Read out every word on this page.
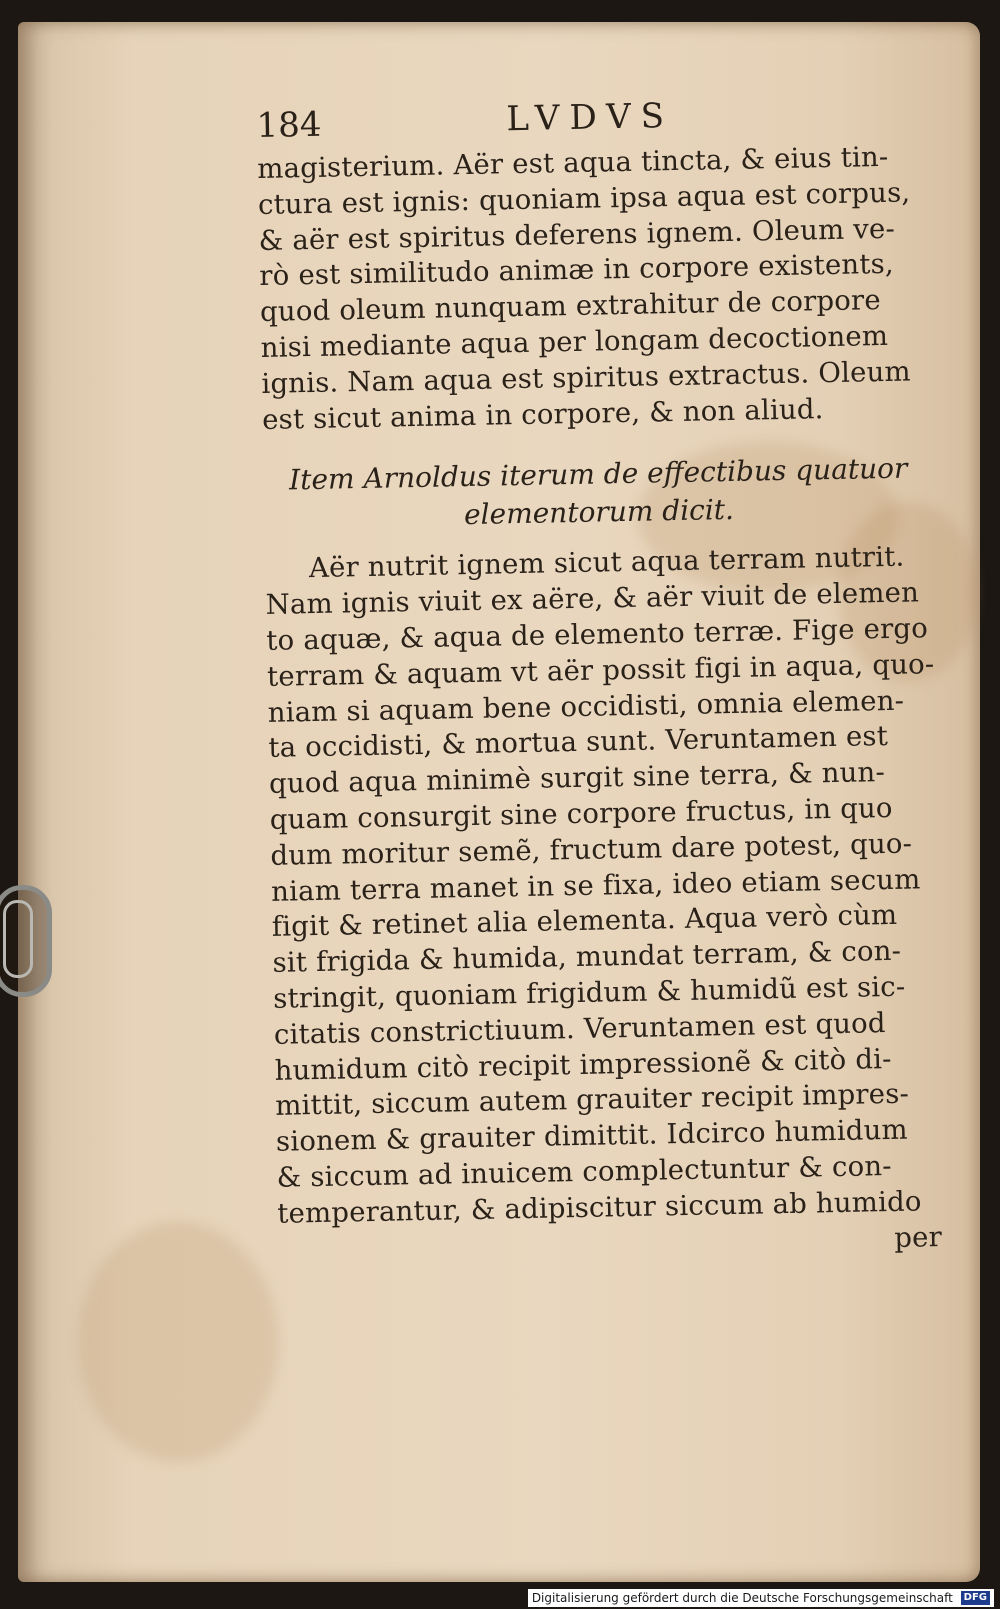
184	LVDVS
magisterium. Aër est aqua tincta, & eius tin-
ctura est ignis: quoniam ipsa aqua est corpus,
& aër est spiritus deferens ignem. Oleum ve-
rò est similitudo animæ in corpore existents,
quod oleum nunquam extrahitur de corpore
nisi mediante aqua per longam decoctionem
ignis. Nam aqua est spiritus extractus. Oleum
est sicut anima in corpore, & non aliud.
Item Arnoldus iterum de effectibus quatuor
elementorum dicit.
Aër nutrit ignem sicut aqua terram nutrit.
Nam ignis viuit ex aëre, & aër viuit de elemen
to aquæ, & aqua de elemento terræ. Fige ergo
terram & aquam vt aër possit figi in aqua, quo-
niam si aquam bene occidisti, omnia elemen-
ta occidisti, & mortua sunt. Veruntamen est
quod aqua minimè surgit sine terra, & nun-
quam consurgit sine corpore fructus, in quo
dum moritur semẽ, fructum dare potest, quo-
niam terra manet in se fixa, ideo etiam secum
figit & retinet alia elementa. Aqua verò cùm
sit frigida & humida, mundat terram, & con-
stringit, quoniam frigidum & humidũ est sic-
citatis constrictiuum. Veruntamen est quod
humidum citò recipit impressionẽ & citò di-
mittit, siccum autem grauiter recipit impres-
sionem & grauiter dimittit. Idcirco humidum
& siccum ad inuicem complectuntur & con-
temperantur, & adipiscitur siccum ab humido
per
Digitalisierung gefördert durch die Deutsche Forschungsgemeinschaft DFG
